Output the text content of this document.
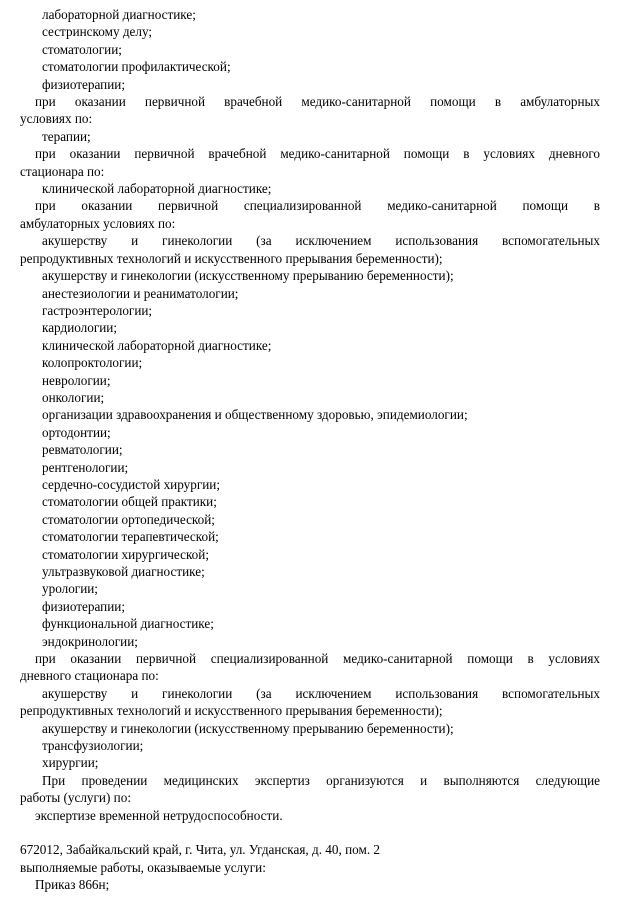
лабораторной диагностике;
сестринскому делу;
стоматологии;
стоматологии профилактической;
физиотерапии;
при оказании первичной врачебной медико-санитарной помощи в амбулаторных
условиях по:
терапии;
при оказании первичной врачебной медико-санитарной помощи в условиях дневного
стационара по:
клинической лабораторной диагностике;
при оказании первичной специализированной медико-санитарной помощи в
амбулаторных условиях по:
акушерству и гинекологии (за исключением использования вспомогательных
репродуктивных технологий и искусственного прерывания беременности);
акушерству и гинекологии (искусственному прерыванию беременности);
анестезиологии и реаниматологии;
гастроэнтерологии;
кардиологии;
клинической лабораторной диагностике;
колопроктологии;
неврологии;
онкологии;
организации здравоохранения и общественному здоровью, эпидемиологии;
ортодонтии;
ревматологии;
рентгенологии;
сердечно-сосудистой хирургии;
стоматологии общей практики;
стоматологии ортопедической;
стоматологии терапевтической;
стоматологии хирургической;
ультразвуковой диагностике;
урологии;
физиотерапии;
функциональной диагностике;
эндокринологии;
при оказании первичной специализированной медико-санитарной помощи в условиях
дневного стационара по:
акушерству и гинекологии (за исключением использования вспомогательных
репродуктивных технологий и искусственного прерывания беременности);
акушерству и гинекологии (искусственному прерыванию беременности);
трансфузиологии;
хирургии;
При проведении медицинских экспертиз организуются и выполняются следующие
работы (услуги) по:
экспертизе временной нетрудоспособности.
672012, Забайкальский край, г. Чита, ул. Угданская, д. 40, пом. 2
выполняемые работы, оказываемые услуги:
Приказ 866н;
